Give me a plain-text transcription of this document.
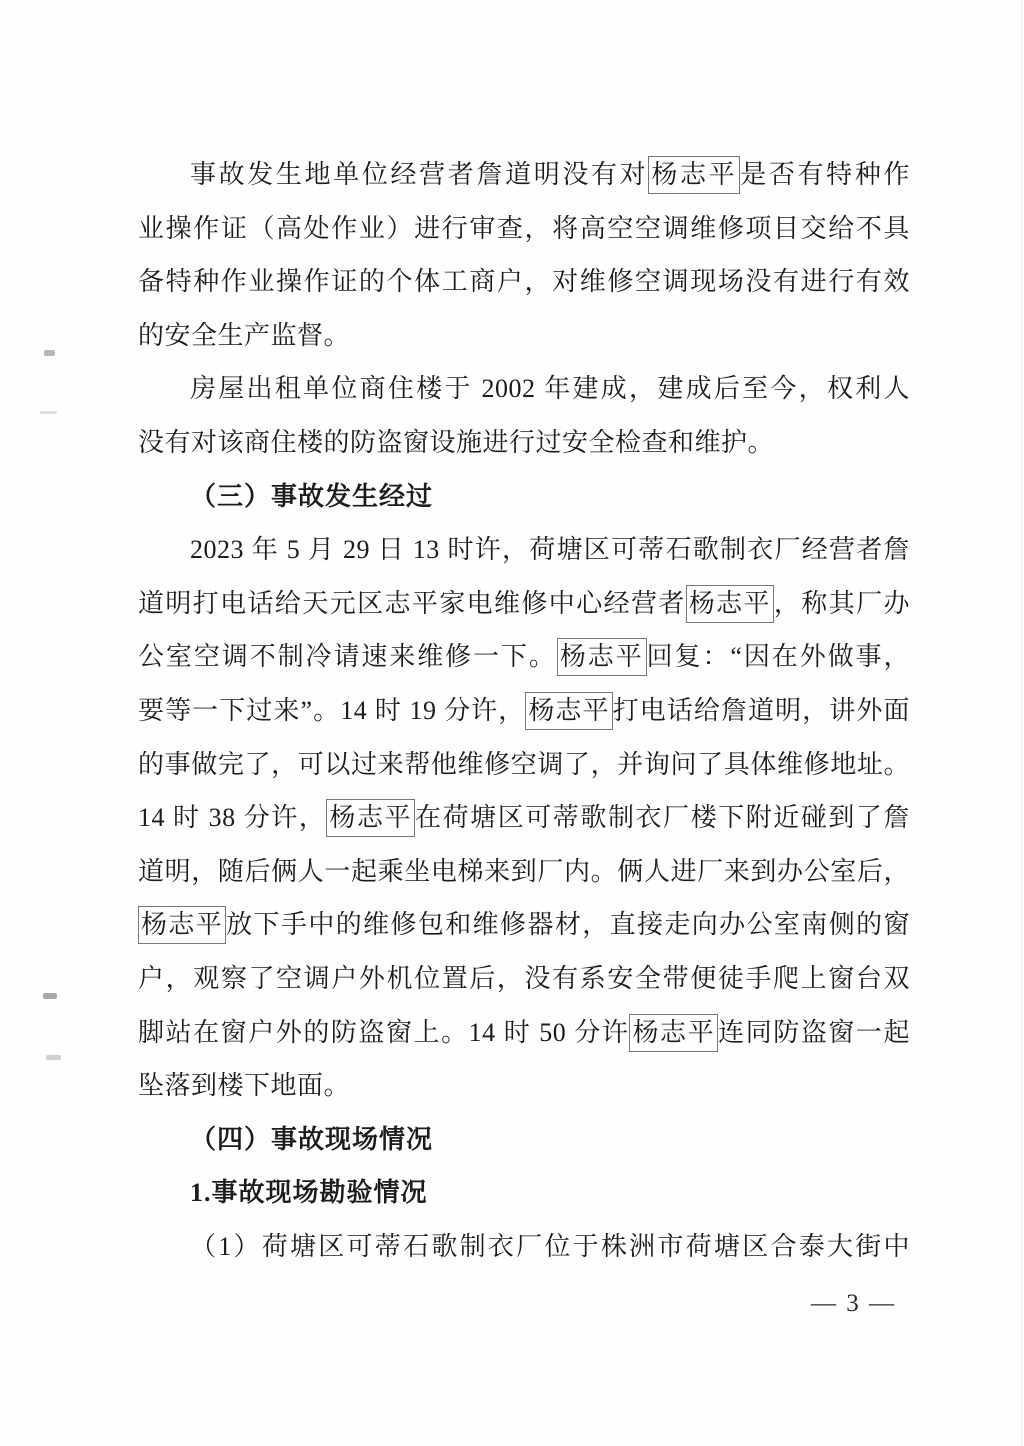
事故发生地单位经营者詹道明没有对 杨志平 是否有特种作
业操作证（高处作业）进行审查，将高空空调维修项目交给不具
备特种作业操作证的个体工商户，对维修空调现场没有进行有效
的安全生产监督。
房屋出租单位商住楼于 2002 年建成，建成后至今，权利人
没有对该商住楼的防盗窗设施进行过安全检查和维护。
（三）事故发生经过
2023 年 5 月 29 日 13 时许，荷塘区可蒂石歌制衣厂经营者詹
道明打电话给天元区志平家电维修中心经营者 杨志平 ，称其厂办
公室空调不制冷请速来维修一下。 杨志平 回复：“因在外做事，
要等一下过来”。14 时 19 分许， 杨志平 打电话给詹道明，讲外面
的事做完了，可以过来帮他维修空调了，并询问了具体维修地址。
14 时 38 分许， 杨志平 在荷塘区可蒂歌制衣厂楼下附近碰到了詹
道明，随后俩人一起乘坐电梯来到厂内。俩人进厂来到办公室后，
杨志平 放下手中的维修包和维修器材，直接走向办公室南侧的窗
户，观察了空调户外机位置后，没有系安全带便徒手爬上窗台双
脚站在窗户外的防盗窗上。14 时 50 分许 杨志平 连同防盗窗一起
坠落到楼下地面。
（四）事故现场情况
1.事故现场勘验情况
（1）荷塘区可蒂石歌制衣厂位于株洲市荷塘区合泰大街中
— 3 —
